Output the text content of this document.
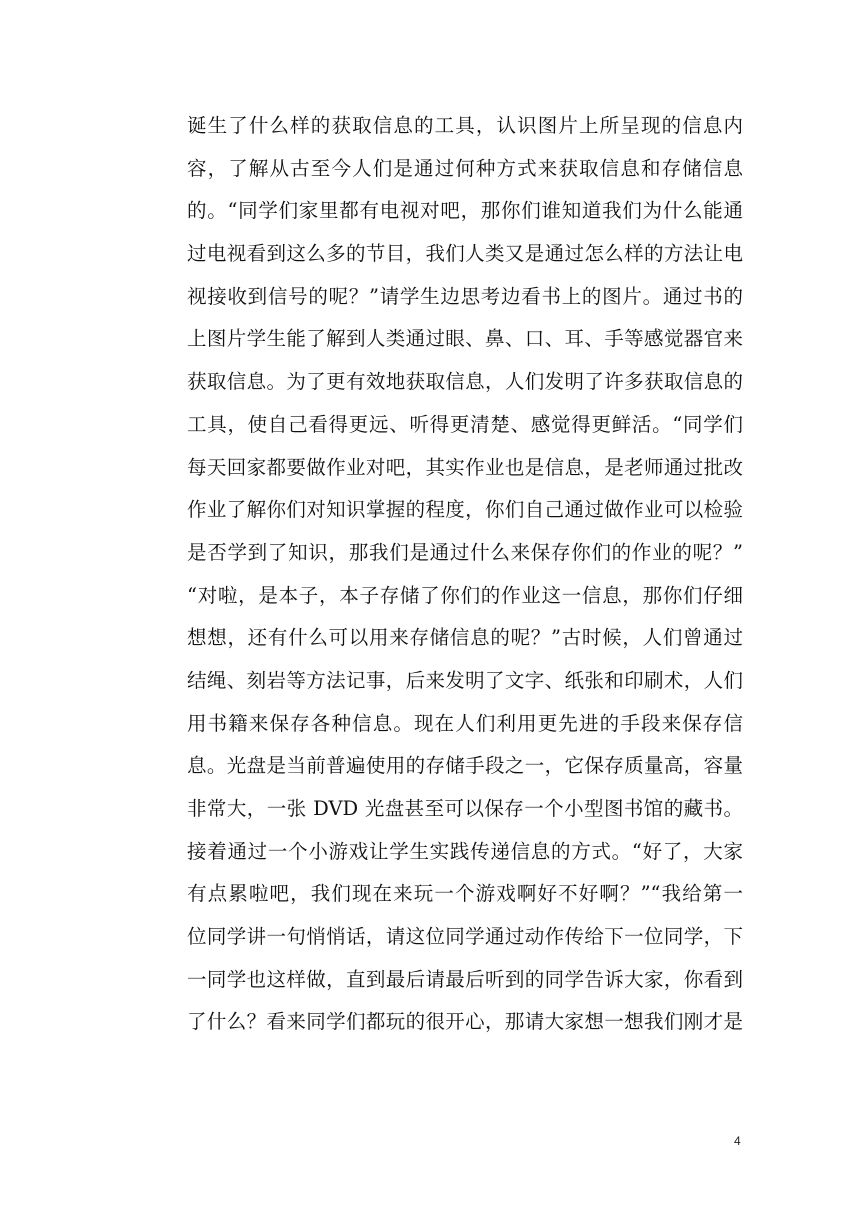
诞生了什么样的获取信息的工具，认识图片上所呈现的信息内
容，了解从古至今人们是通过何种方式来获取信息和存储信息
的。“同学们家里都有电视对吧，那你们谁知道我们为什么能通
过电视看到这么多的节目，我们人类又是通过怎么样的方法让电
视接收到信号的呢？”请学生边思考边看书上的图片。通过书的
上图片学生能了解到人类通过眼、鼻、口、耳、手等感觉器官来
获取信息。为了更有效地获取信息，人们发明了许多获取信息的
工具，使自己看得更远、听得更清楚、感觉得更鲜活。“同学们
每天回家都要做作业对吧，其实作业也是信息，是老师通过批改
作业了解你们对知识掌握的程度，你们自己通过做作业可以检验
是否学到了知识，那我们是通过什么来保存你们的作业的呢？”
“对啦，是本子，本子存储了你们的作业这一信息，那你们仔细
想想，还有什么可以用来存储信息的呢？”古时候，人们曾通过
结绳、刻岩等方法记事，后来发明了文字、纸张和印刷术，人们
用书籍来保存各种信息。现在人们利用更先进的手段来保存信
息。光盘是当前普遍使用的存储手段之一，它保存质量高，容量
非常大，一张 DVD 光盘甚至可以保存一个小型图书馆的藏书。
接着通过一个小游戏让学生实践传递信息的方式。“好了，大家
有点累啦吧，我们现在来玩一个游戏啊好不好啊？”“我给第一
位同学讲一句悄悄话，请这位同学通过动作传给下一位同学，下
一同学也这样做，直到最后请最后听到的同学告诉大家，你看到
了什么？看来同学们都玩的很开心，那请大家想一想我们刚才是
4
